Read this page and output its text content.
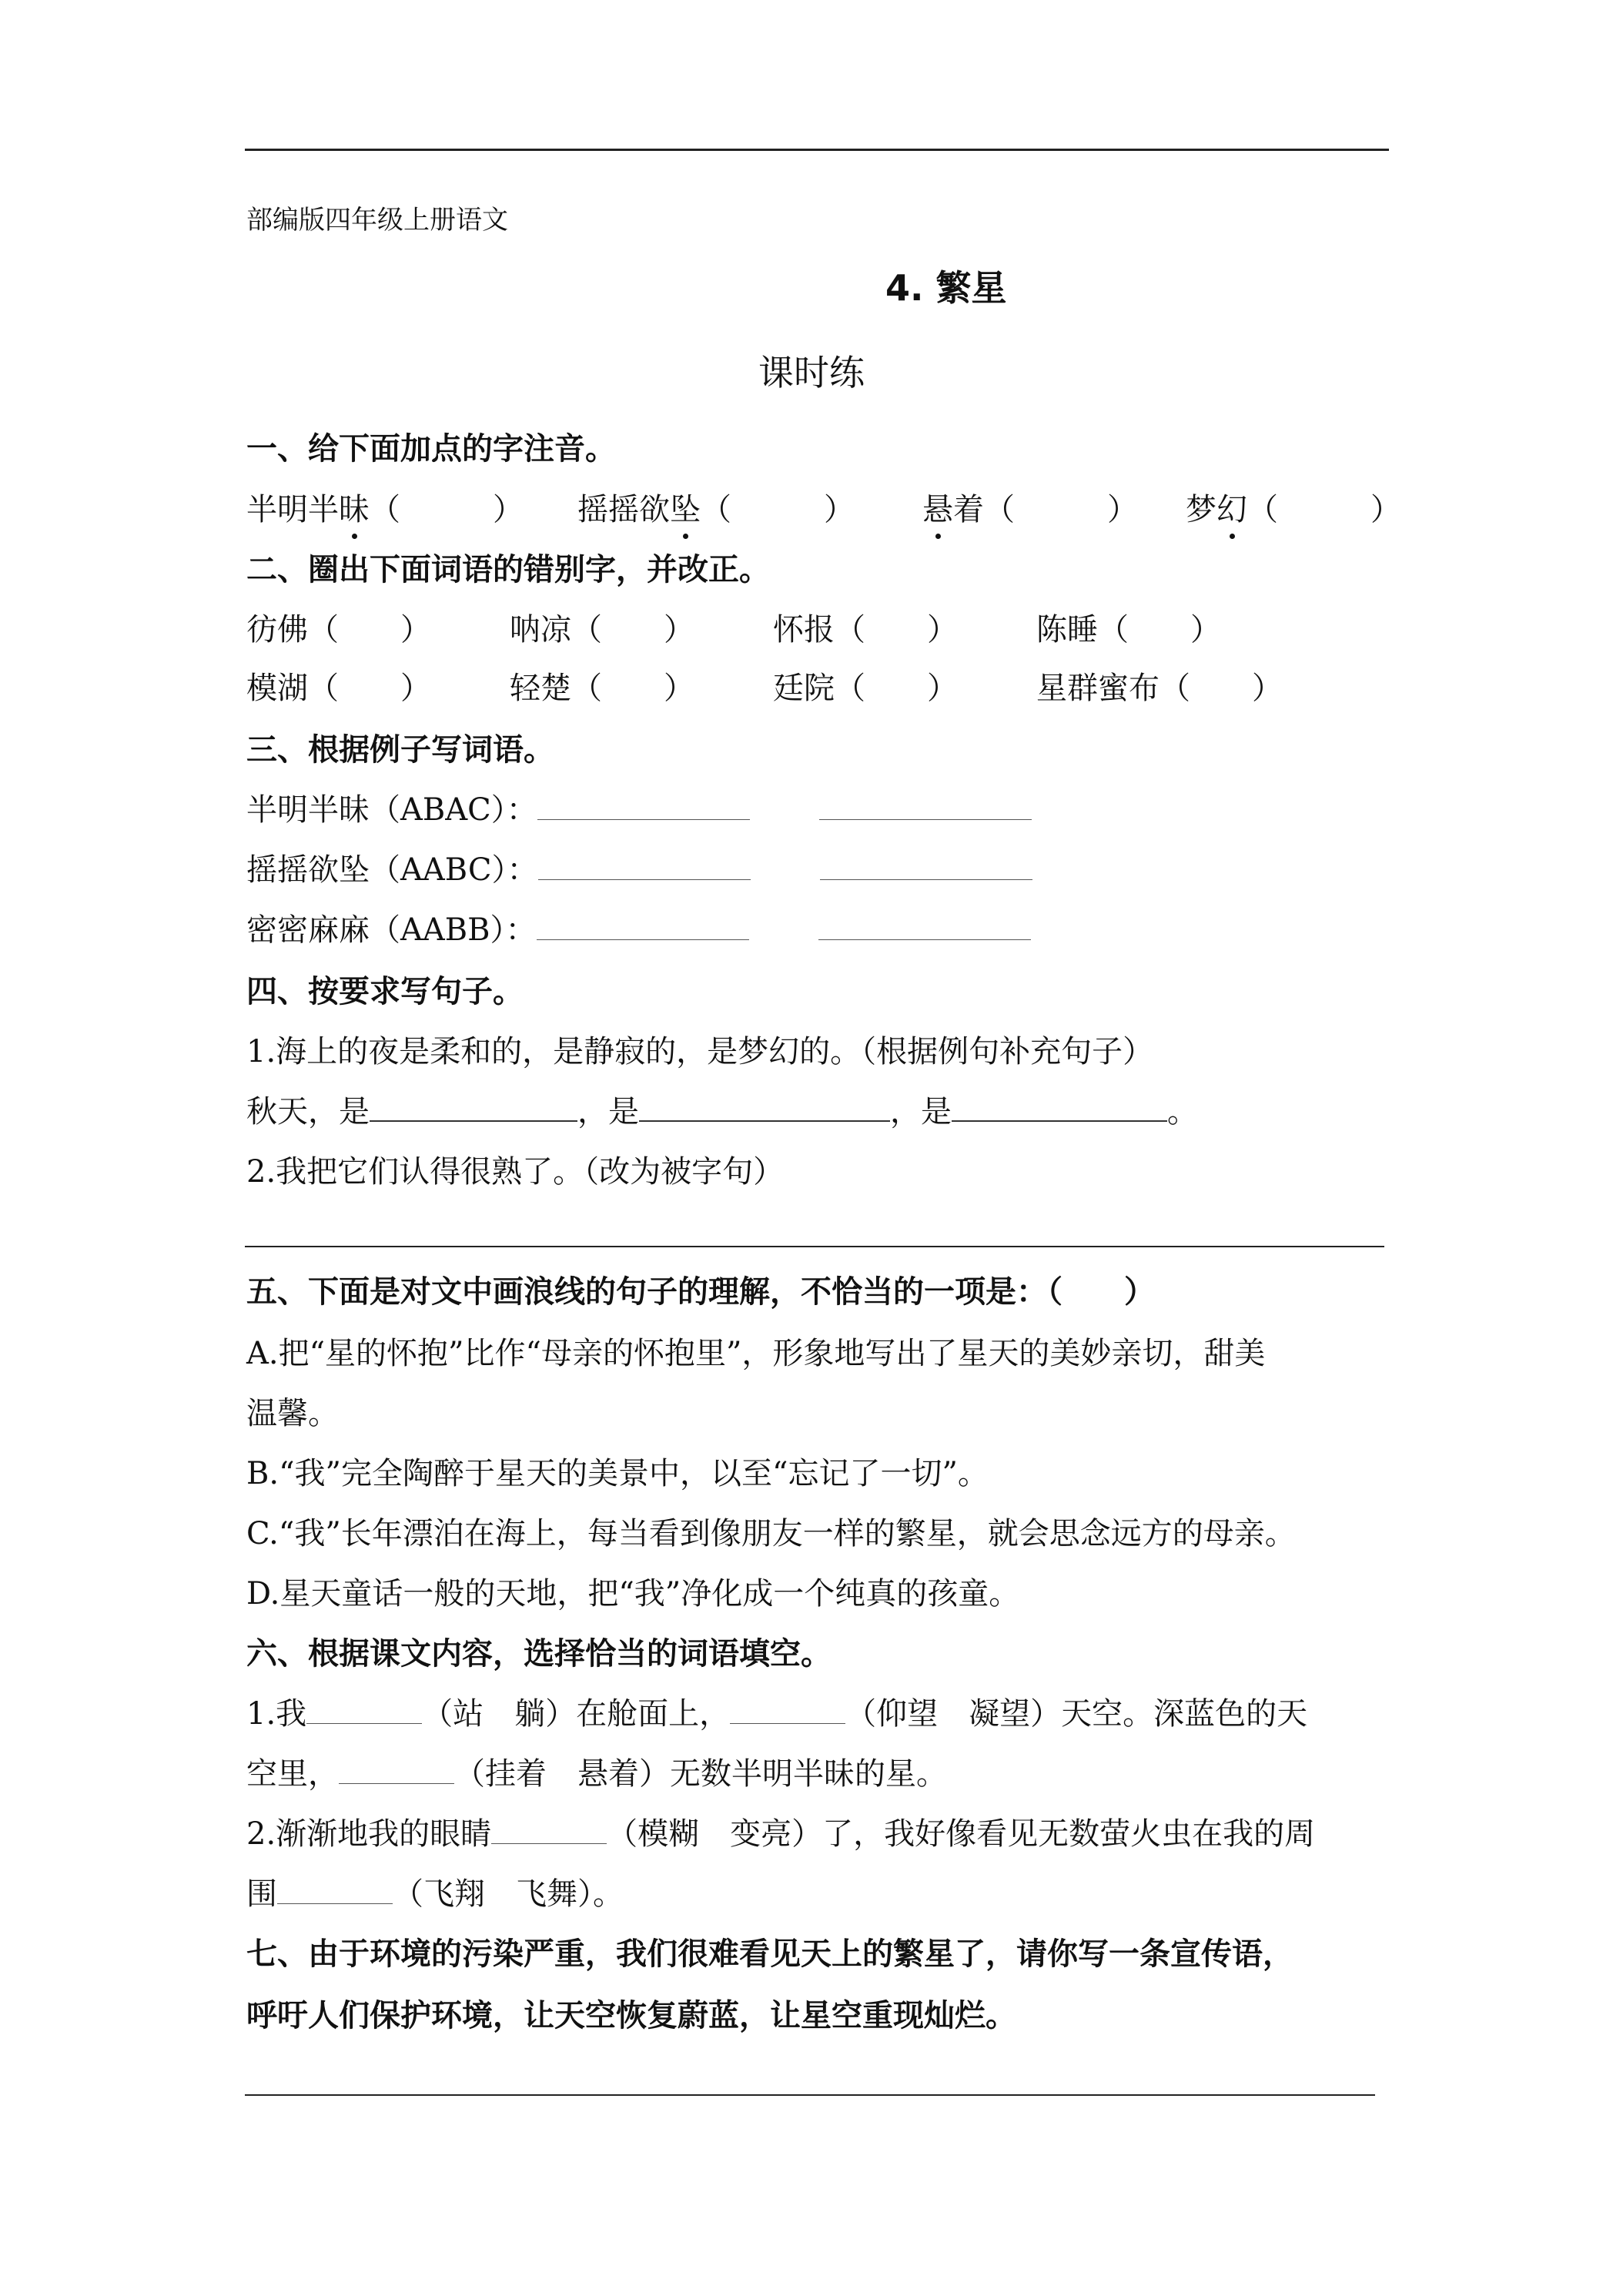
部编版四年级上册语文
4. 繁星
课时练
一、给下面加点的字注音。
半明半昧（　　　） 摇摇欲坠（　　　） 悬着（　　　） 梦幻（　　　）
二、圈出下面词语的错别字，并改正。
彷佛（　　）	呐凉（　　）	怀报（　　）	陈睡（　　）
模湖（　　）	轻楚（　　）	廷院（　　）	星群蜜布（　　）
三、根据例子写词语。
半明半昧（ABAC）：
摇摇欲坠（AABC）：
密密麻麻（AABB）：
四、按要求写句子。
1.海上的夜是柔和的，是静寂的，是梦幻的。（根据例句补充句子）
秋天，是	，是	，是	。
2.我把它们认得很熟了。（改为被字句）
五、下面是对文中画浪线的句子的理解，不恰当的一项是：（　　）
A.把“星的怀抱”比作“母亲的怀抱里”，形象地写出了星天的美妙亲切，甜美
温馨。
B.“我”完全陶醉于星天的美景中，以至“忘记了一切”。
C.“我”长年漂泊在海上，每当看到像朋友一样的繁星，就会思念远方的母亲。
D.星天童话一般的天地，把“我”净化成一个纯真的孩童。
六、根据课文内容，选择恰当的词语填空。
1.我	（站　躺）在舱面上，	（仰望　凝望）天空。深蓝色的天
空里，	（挂着　悬着）无数半明半昧的星。
2.渐渐地我的眼睛	（模糊　变亮）了，我好像看见无数萤火虫在我的周
围	（飞翔　飞舞）。
七、由于环境的污染严重，我们很难看见天上的繁星了，请你写一条宣传语，
呼吁人们保护环境，让天空恢复蔚蓝，让星空重现灿烂。
